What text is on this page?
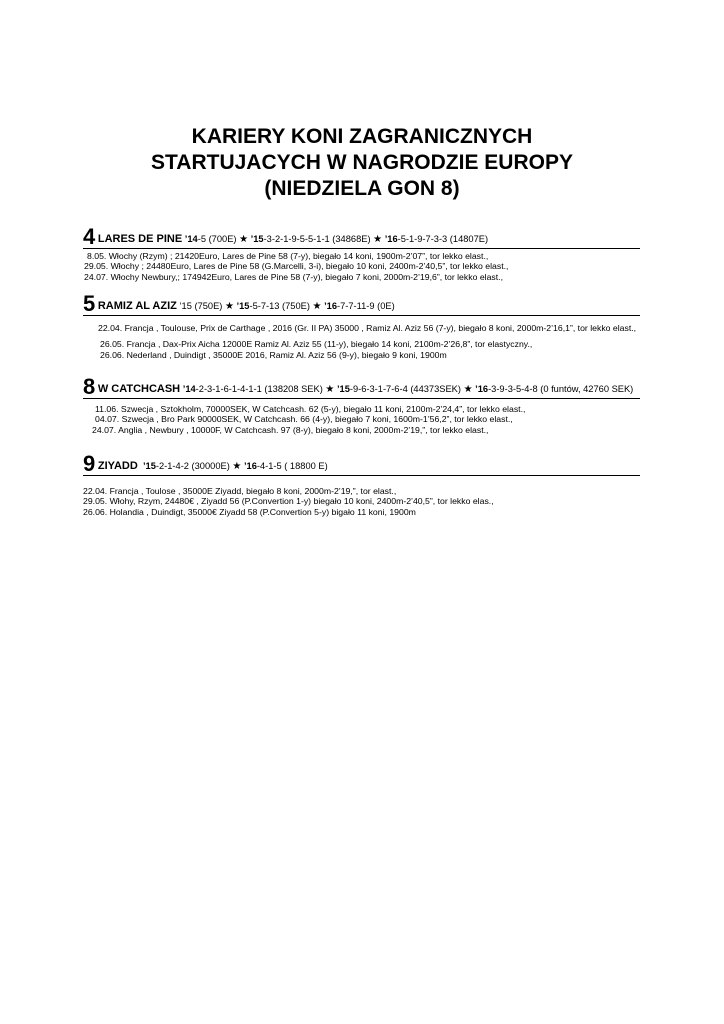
KARIERY KONI ZAGRANICZNYCH
STARTUJACYCH W NAGRODZIE EUROPY
(NIEDZIELA GON 8)
4 LARES DE PINE ’14-5 (700E) ★ ’15-3-2-1-9-5-5-1-1 (34868E) ★ ’16-5-1-9-7-3-3 (14807E)
8.05. Włochy (Rzym) ; 21420Euro, Lares de Pine 58 (7-y), biegało 14 koni, 1900m-2’07”, tor lekko elast.,
29.05. Włochy ; 24480Euro, Lares de Pine 58 (G.Marcelli, 3-i), biegało 10 koni, 2400m-2’40,5”, tor lekko elast.,
24.07. Włochy Newbury,; 174942Euro, Lares de Pine 58 (7-y), biegało 7 koni, 2000m-2’19,6”, tor lekko elast.,
5 RAMIZ AL AZIZ ’15 (750E) ★ ’15-5-7-13 (750E) ★ ’16-7-7-11-9 (0E)
22.04. Francja , Toulouse, Prix de Carthage , 2016 (Gr. II PA) 35000 , Ramiz Al. Aziz 56 (7-y), biegało 8 koni, 2000m-2’16,1”, tor lekko elast.,
26.05. Francja , Dax-Prix Aicha 12000E Ramiz Al. Aziz 55 (11-y), biegało 14 koni, 2100m-2’26,8”, tor elastyczny.,
26.06. Nederland , Duindigt , 35000E 2016, Ramiz Al. Aziz 56 (9-y), biegało 9 koni, 1900m
8 W CATCHCASH ’14-2-3-1-6-1-4-1-1 (138208 SEK) ★ ’15-9-6-3-1-7-6-4 (44373SEK) ★ ’16-3-9-3-5-4-8 (0 funtów, 42760 SEK)
11.06. Szwecja , Sztokholm, 70000SEK, W Catchcash. 62 (5-y), biegało 11 koni, 2100m-2’24,4”, tor lekko elast.,
04.07. Szwecja , Bro Park 90000SEK, W Catchcash. 66 (4-y), biegało 7 koni, 1600m-1’56,2”, tor lekko elast.,
24.07. Anglia , Newbury , 10000F, W Catchcash. 97 (8-y), biegało 8 koni, 2000m-2’19,”, tor lekko elast.,
9 ZIYADD ’15-2-1-4-2 (30000E) ★ ’16-4-1-5 ( 18800 E)
22.04. Francja , Toulose , 35000E Ziyadd, biegało 8 koni, 2000m-2’19,”, tor elast.,
29.05. Włohy, Rzym, 24480€ , Ziyadd 56 (P.Convertion 1-y) biegało 10 koni, 2400m-2’40,5”, tor lekko elas.,
26.06. Holandia , Duindigt, 35000€ Ziyadd 58 (P.Convertion 5-y) bigało 11 koni, 1900m
